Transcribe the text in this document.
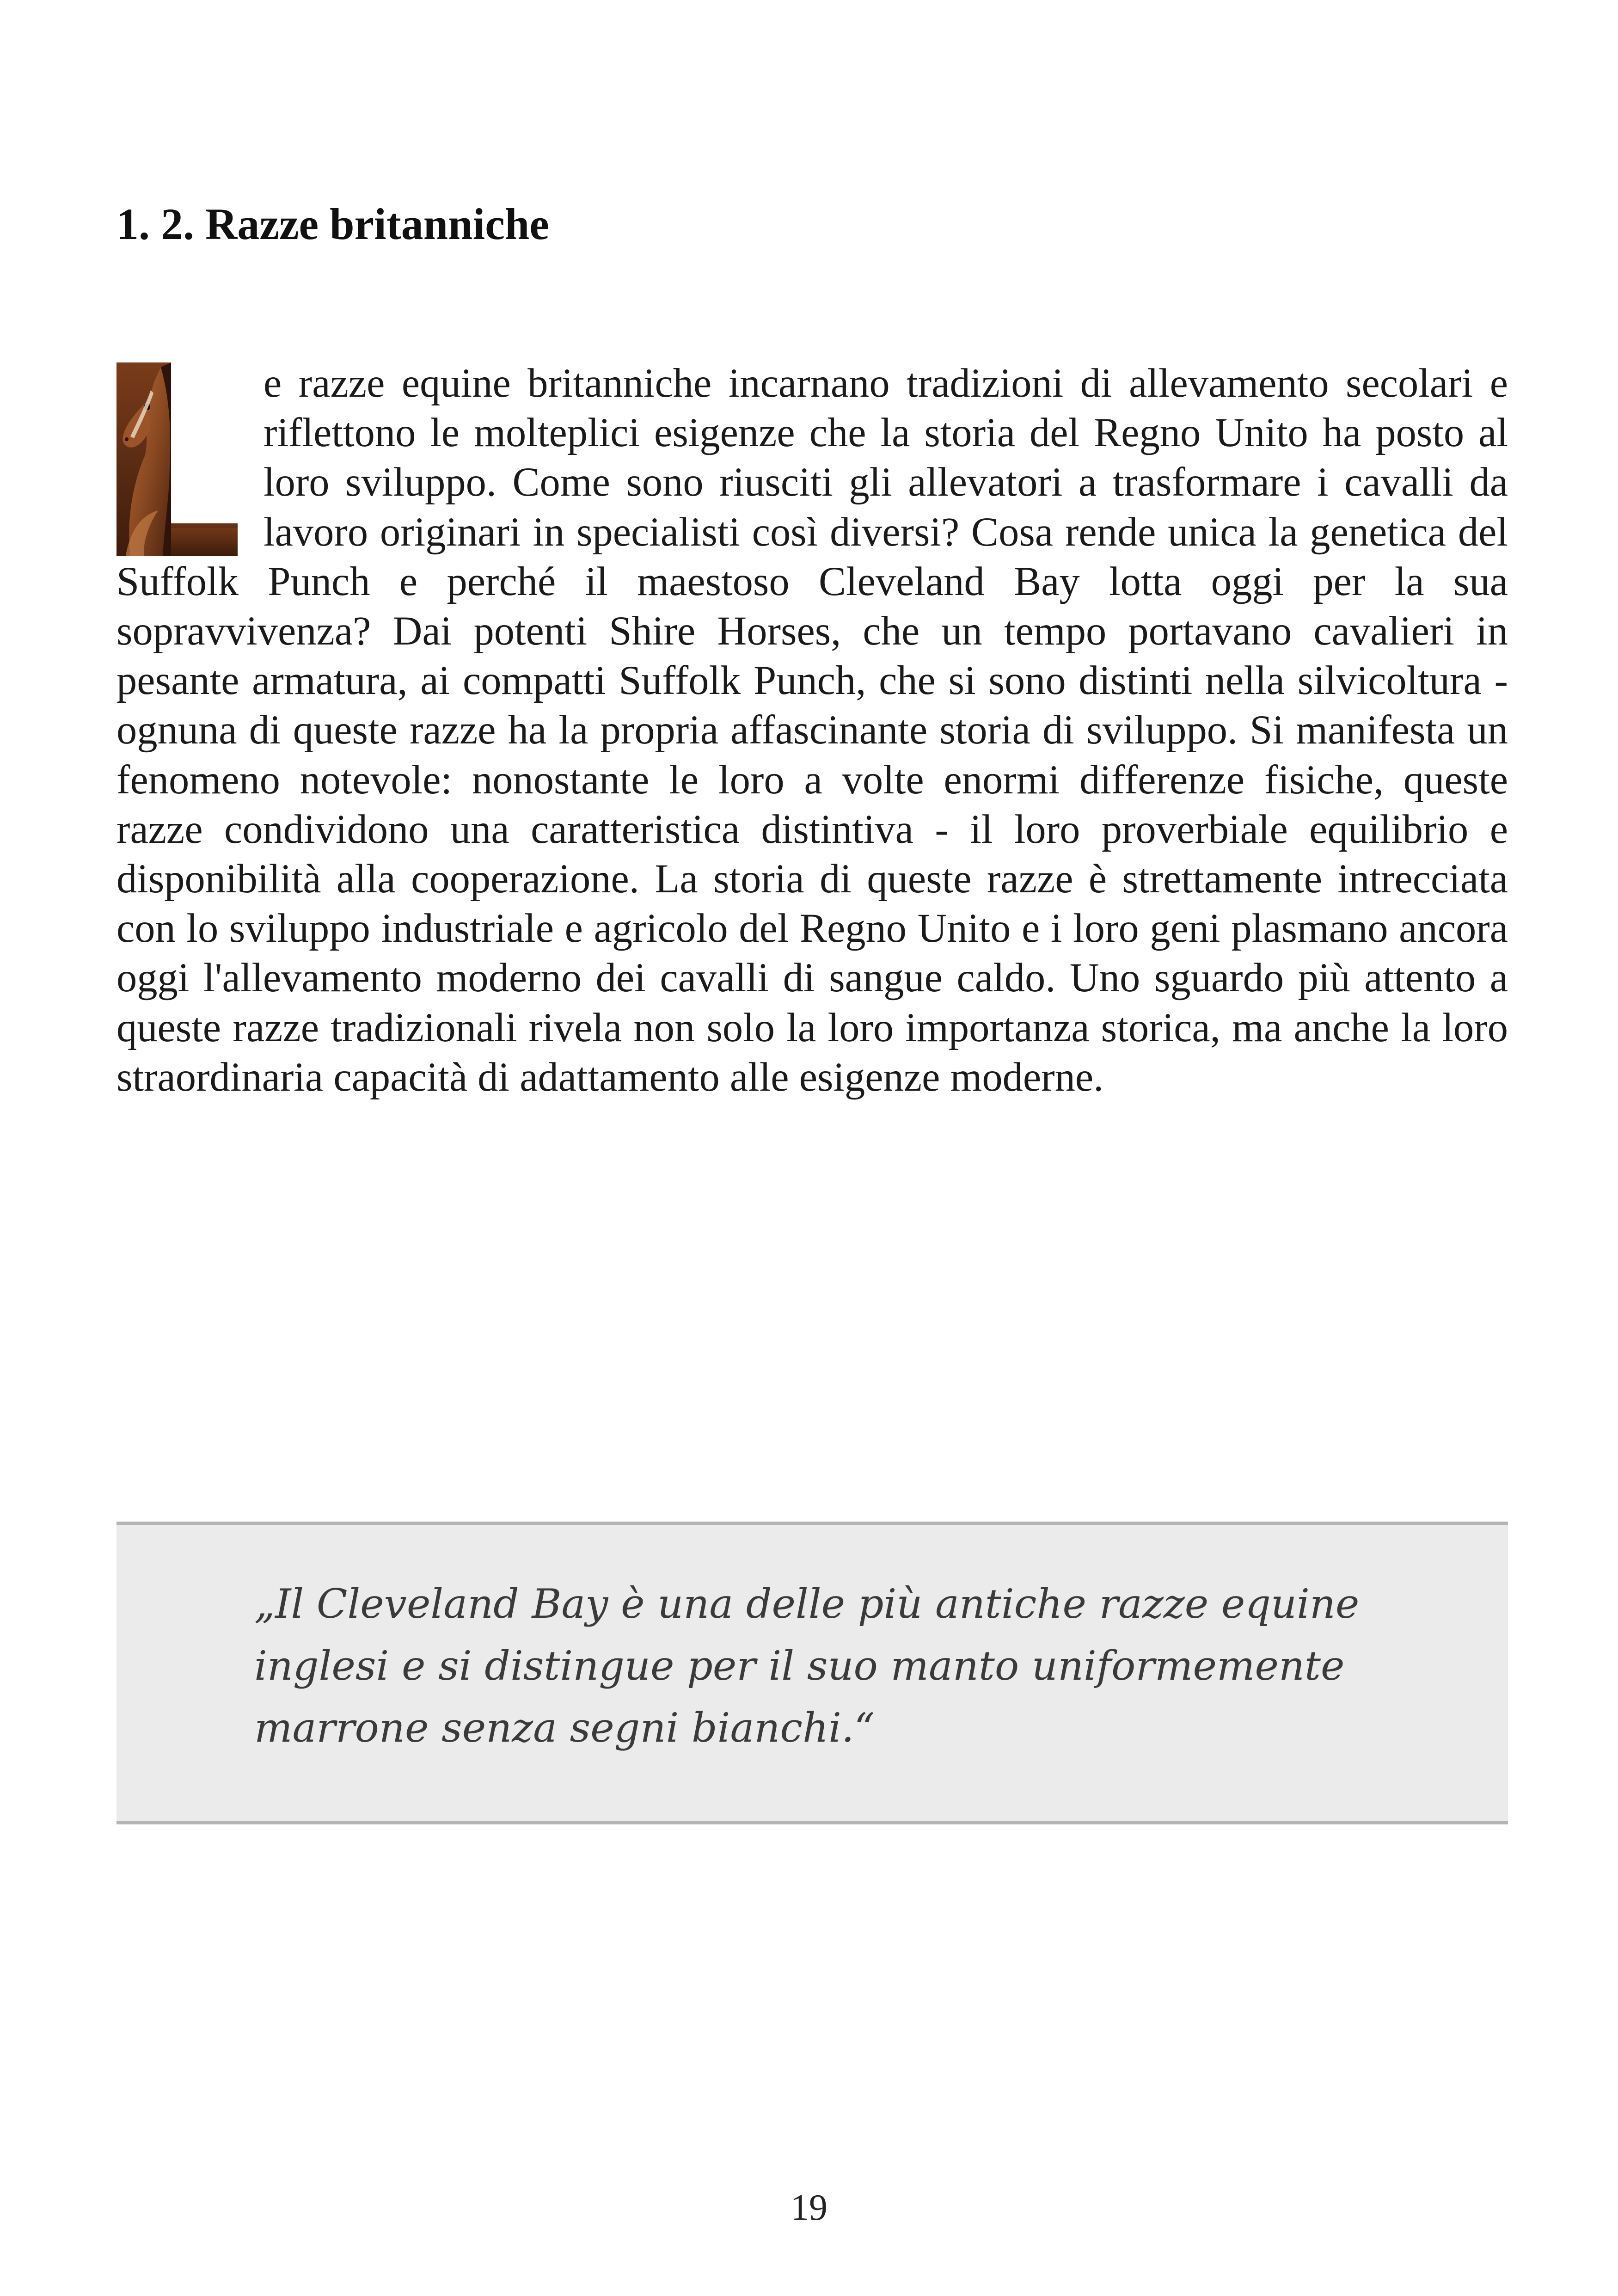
1. 2. Razze britanniche
e razze equine britanniche incarnano tradizioni di allevamento secolari e riflettono le molteplici esigenze che la storia del Regno Unito ha posto al loro sviluppo. Come sono riusciti gli allevatori a trasformare i cavalli da lavoro originari in specialisti così diversi? Cosa rende unica la genetica del Suffolk Punch e perché il maestoso Cleveland Bay lotta oggi per la sua sopravvivenza? Dai potenti Shire Horses, che un tempo portavano cavalieri in pesante armatura, ai compatti Suffolk Punch, che si sono distinti nella silvicoltura - ognuna di queste razze ha la propria affascinante storia di sviluppo. Si manifesta un fenomeno notevole: nonostante le loro a volte enormi differenze fisiche, queste razze condividono una caratteristica distintiva - il loro proverbiale equilibrio e disponibilità alla cooperazione. La storia di queste razze è strettamente intrecciata con lo sviluppo industriale e agricolo del Regno Unito e i loro geni plasmano ancora oggi l'allevamento moderno dei cavalli di sangue caldo. Uno sguardo più attento a queste razze tradizionali rivela non solo la loro importanza storica, ma anche la loro straordinaria capacità di adattamento alle esigenze moderne.

„Il Cleveland Bay è una delle più antiche razze equine inglesi e si distingue per il suo manto uniformemente marrone senza segni bianchi.“

19
